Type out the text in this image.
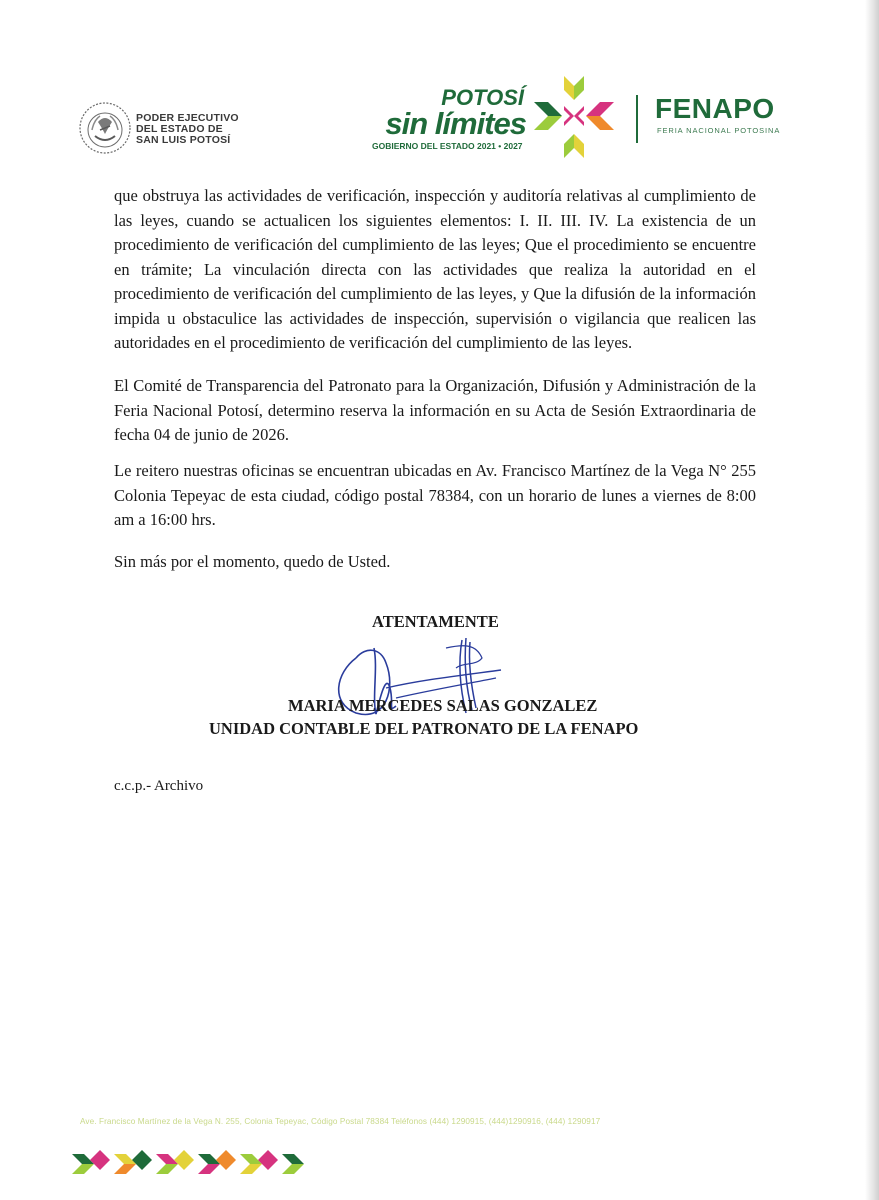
PODER EJECUTIVO
DEL ESTADO DE
SAN LUIS POTOSÍ
POTOSÍ
sin límites
GOBIERNO DEL ESTADO 2021 • 2027
FENAPO
FERIA NACIONAL POTOSINA

que obstruya las actividades de verificación, inspección y auditoría relativas al cumplimiento de las leyes, cuando se actualicen los siguientes elementos: I. II. III. IV. La existencia de un procedimiento de verificación del cumplimiento de las leyes; Que el procedimiento se encuentre en trámite; La vinculación directa con las actividades que realiza la autoridad en el procedimiento de verificación del cumplimiento de las leyes, y Que la difusión de la información impida u obstaculice las actividades de inspección, supervisión o vigilancia que realicen las autoridades en el procedimiento de verificación del cumplimiento de las leyes.

El Comité de Transparencia del Patronato para la Organización, Difusión y Administración de la Feria Nacional Potosí, determino reserva la información en su Acta de Sesión Extraordinaria de fecha 04 de junio de 2026.

Le reitero nuestras oficinas se encuentran ubicadas en Av. Francisco Martínez de la Vega N° 255 Colonia Tepeyac de esta ciudad, código postal 78384, con un horario de lunes a viernes de 8:00 am a 16:00 hrs.

Sin más por el momento, quedo de Usted.

ATENTAMENTE
MARIA MERCEDES SALAS GONZALEZ
UNIDAD CONTABLE DEL PATRONATO DE LA FENAPO
c.c.p.- Archivo
Ave. Francisco Martínez de la Vega N. 255, Colonia Tepeyac, Código Postal 78384 Teléfonos (444) 1290915, (444)1290916, (444) 1290917
